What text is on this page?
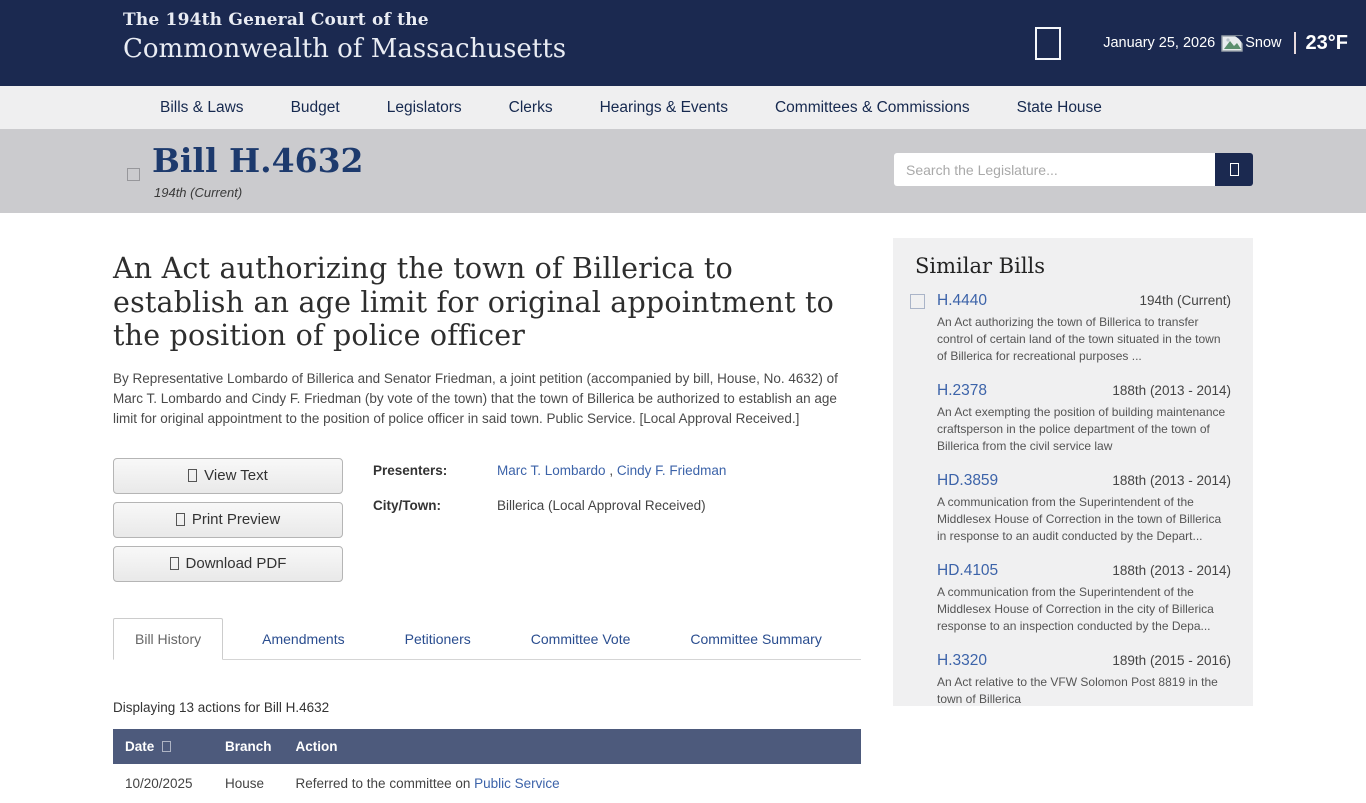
The 194th General Court of the
Commonwealth of Massachusetts	January 25, 2026 Snow 23°F
Bills & Laws	Budget	Legislators	Clerks	Hearings & Events	Committees & Commissions	State House
Bill H.4632
194th (Current)
Search the Legislature...
An Act authorizing the town of Billerica to establish an age limit for original appointment to the position of police officer

By Representative Lombardo of Billerica and Senator Friedman, a joint petition (accompanied by bill, House, No. 4632) of Marc T. Lombardo and Cindy F. Friedman (by vote of the town) that the town of Billerica be authorized to establish an age limit for original appointment to the position of police officer in said town. Public Service. [Local Approval Received.]

View Text
Print Preview
Download PDF
Presenters:	Marc T. Lombardo , Cindy F. Friedman
City/Town:	Billerica (Local Approval Received)
Bill History	Amendments	Petitioners	Committee Vote	Committee Summary
Displaying 13 actions for Bill H.4632
Date	Branch	Action
10/20/2025	House	Referred to the committee on Public Service
Similar Bills
H.4440	194th (Current)
An Act authorizing the town of Billerica to transfer control of certain land of the town situated in the town of Billerica for recreational purposes ...
H.2378	188th (2013 - 2014)
An Act exempting the position of building maintenance craftsperson in the police department of the town of Billerica from the civil service law
HD.3859	188th (2013 - 2014)
A communication from the Superintendent of the Middlesex House of Correction in the town of Billerica in response to an audit conducted by the Depart...
HD.4105	188th (2013 - 2014)
A communication from the Superintendent of the Middlesex House of Correction in the city of Billerica response to an inspection conducted by the Depa...
H.3320	189th (2015 - 2016)
An Act relative to the VFW Solomon Post 8819 in the town of Billerica
